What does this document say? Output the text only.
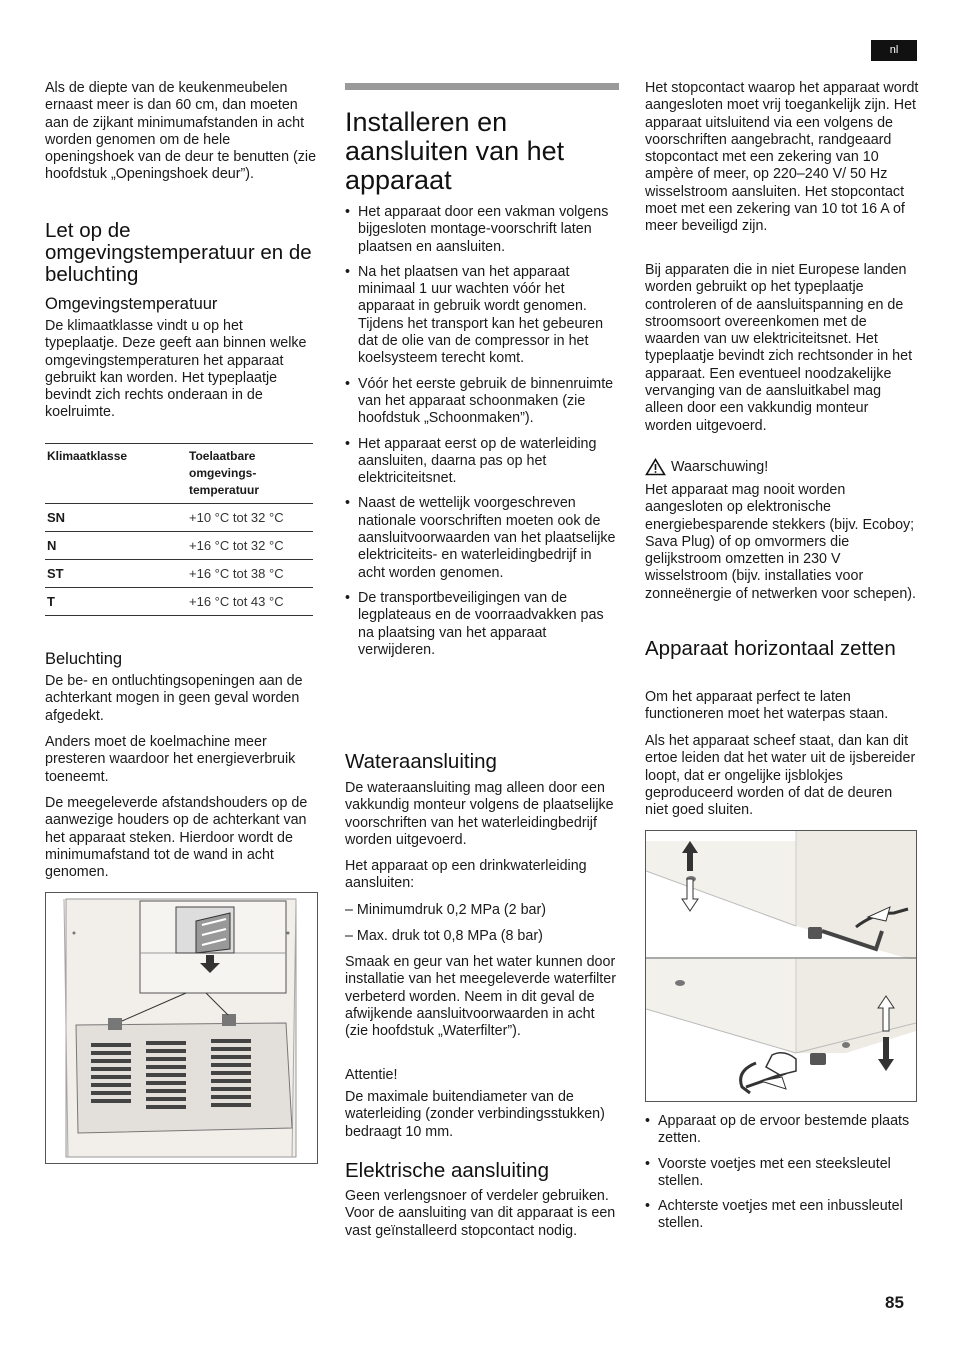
nl

Als de diepte van de keukenmeubelen ernaast meer is dan 60 cm, dan moeten aan de zijkant minimumafstanden in acht worden genomen om de hele openingshoek van de deur te benutten (zie hoofdstuk „Openingshoek deur”).

Let op de omgevingstemperatuur en de beluchting
Omgevingstemperatuur

De klimaatklasse vindt u op het typeplaatje. Deze geeft aan binnen welke omgevingstemperaturen het apparaat gebruikt kan worden. Het typeplaatje bevindt zich rechts onderaan in de koelruimte.

Klimaatklasse	Toelaatbare omgevings-temperatuur

SN	+10 °C tot 32 °C
N	+16 °C tot 32 °C
ST	+16 °C tot 38 °C
T	+16 °C tot 43 °C
Beluchting

De be- en ontluchtingsopeningen aan de achterkant mogen in geen geval worden afgedekt.

Anders moet de koelmachine meer presteren waardoor het energieverbruik toeneemt.

De meegeleverde afstandshouders op de aanwezige houders op de achterkant van het apparaat steken. Hierdoor wordt de minimumafstand tot de wand in acht genomen.

Installeren en aansluiten van het apparaat
• Het apparaat door een vakman volgens bijgesloten montage-voorschrift laten plaatsen en aansluiten.
• Na het plaatsen van het apparaat minimaal 1 uur wachten vóór het apparaat in gebruik wordt genomen. Tijdens het transport kan het gebeuren dat de olie van de compressor in het koelsysteem terecht komt.
• Vóór het eerste gebruik de binnenruimte van het apparaat schoonmaken (zie hoofdstuk „Schoonmaken”).
• Het apparaat eerst op de waterleiding aansluiten, daarna pas op het elektriciteitsnet.
• Naast de wettelijk voorgeschreven nationale voorschriften moeten ook de aansluitvoorwaarden van het plaatselijke elektriciteits- en waterleidingbedrijf in acht worden genomen.
• De transportbeveiligingen van de legplateaus en de voorraadvakken pas na plaatsing van het apparaat verwijderen.
Wateraansluiting

De wateraansluiting mag alleen door een vakkundig monteur volgens de plaatselijke voorschriften van het waterleidingbedrijf worden uitgevoerd.

Het apparaat op een drinkwaterleiding aansluiten:

– Minimumdruk 0,2 MPa (2 bar)

– Max. druk tot 0,8 MPa (8 bar)

Smaak en geur van het water kunnen door installatie van het meegeleverde waterfilter verbeterd worden. Neem in dit geval de afwijkende aansluitvoorwaarden in acht (zie hoofdstuk „Waterfilter”).

Attentie!

De maximale buitendiameter van de waterleiding (zonder verbindingsstukken) bedraagt 10 mm.

Elektrische aansluiting

Geen verlengsnoer of verdeler gebruiken. Voor de aansluiting van dit apparaat is een vast geïnstalleerd stopcontact nodig.

Het stopcontact waarop het apparaat wordt aangesloten moet vrij toegankelijk zijn. Het apparaat uitsluitend via een volgens de voorschriften aangebracht, randgeaard stopcontact met een zekering van 10 ampère of meer, op 220–240 V/ 50 Hz wisselstroom aansluiten. Het stopcontact moet met een zekering van 10 tot 16 A of meer beveiligd zijn.

Bij apparaten die in niet Europese landen worden gebruikt op het typeplaatje controleren of de aansluitspanning en de stroomsoort overeenkomen met de waarden van uw elektriciteitsnet. Het typeplaatje bevindt zich rechtsonder in het apparaat. Een eventueel noodzakelijke vervanging van de aansluitkabel mag alleen door een vakkundig monteur worden uitgevoerd.

Waarschuwing!

Het apparaat mag nooit worden aangesloten op elektronische energiebesparende stekkers (bijv. Ecoboy; Sava Plug) of op omvormers die gelijkstroom omzetten in 230 V wisselstroom (bijv. installaties voor zonneënergie of netwerken voor schepen).

Apparaat horizontaal zetten

Om het apparaat perfect te laten functioneren moet het waterpas staan.

Als het apparaat scheef staat, dan kan dit ertoe leiden dat het water uit de ijsbereider loopt, dat er ongelijke ijsblokjes geproduceerd worden of dat de deuren niet goed sluiten.

• Apparaat op de ervoor bestemde plaats zetten.
• Voorste voetjes met een steeksleutel stellen.
• Achterste voetjes met een inbussleutel stellen.
85
